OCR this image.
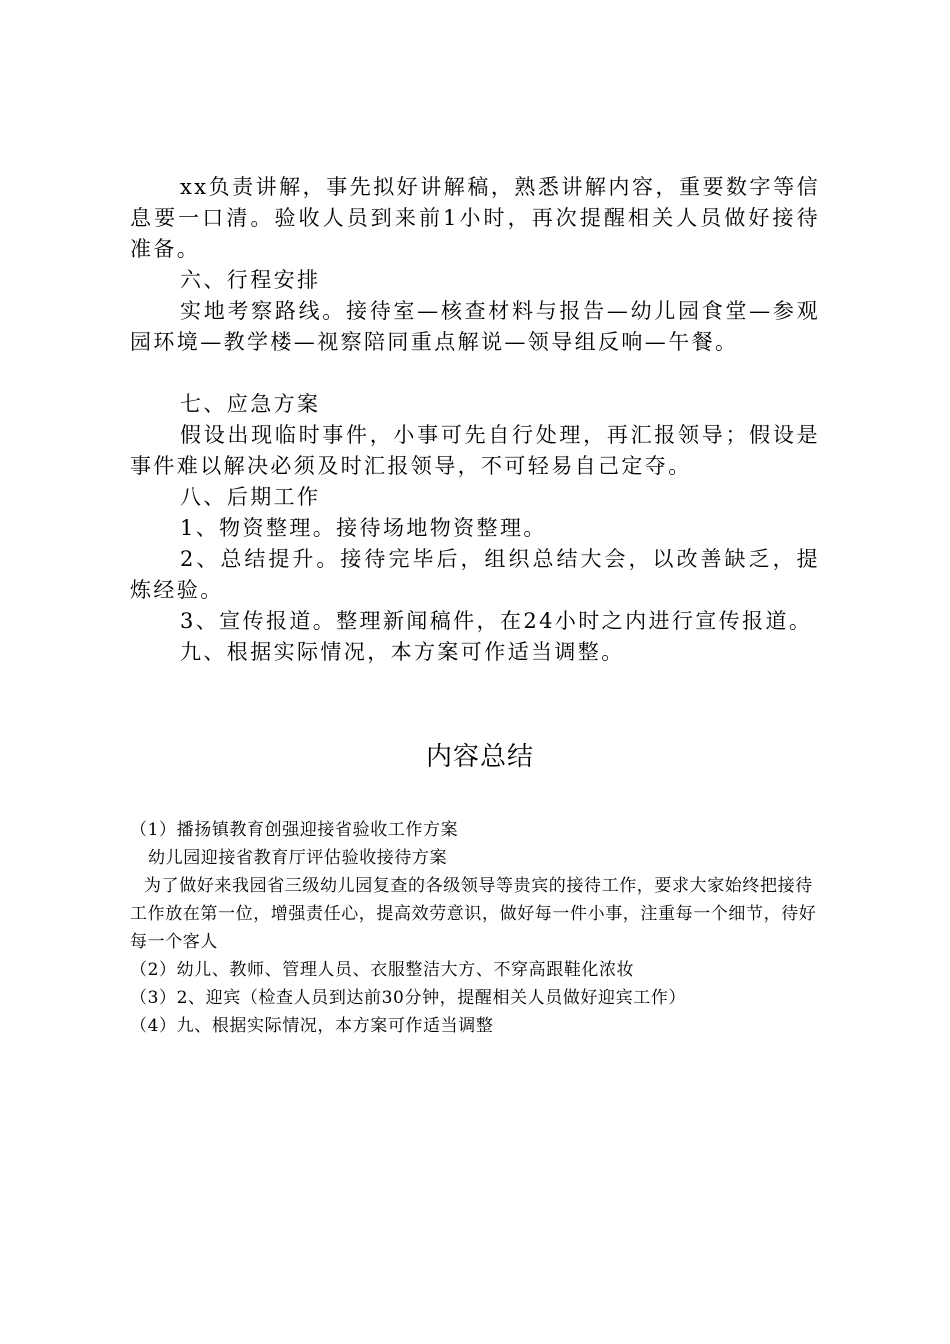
xx负责讲解，事先拟好讲解稿，熟悉讲解内容，重要数字等信息要一口清。验收人员到来前1小时，再次提醒相关人员做好接待准备。

六、行程安排

实地考察路线。接待室—核查材料与报告—幼儿园食堂—参观园环境—教学楼—视察陪同重点解说—领导组反响—午餐。

七、应急方案

假设出现临时事件，小事可先自行处理，再汇报领导；假设是事件难以解决必须及时汇报领导，不可轻易自己定夺。

八、后期工作

1、物资整理。接待场地物资整理。

2、总结提升。接待完毕后，组织总结大会，以改善缺乏，提炼经验。

3、宣传报道。整理新闻稿件，在24小时之内进行宣传报道。

九、根据实际情况，本方案可作适当调整。

内容总结

（1）播扬镇教育创强迎接省验收工作方案

幼儿园迎接省教育厅评估验收接待方案

为了做好来我园省三级幼儿园复查的各级领导等贵宾的接待工作，要求大家始终把接待工作放在第一位，增强责任心，提高效劳意识，做好每一件小事，注重每一个细节，待好每一个客人

（2）幼儿、教师、管理人员、衣服整洁大方、不穿高跟鞋化浓妆

（3）2、迎宾（检查人员到达前30分钟，提醒相关人员做好迎宾工作）

（4）九、根据实际情况，本方案可作适当调整
